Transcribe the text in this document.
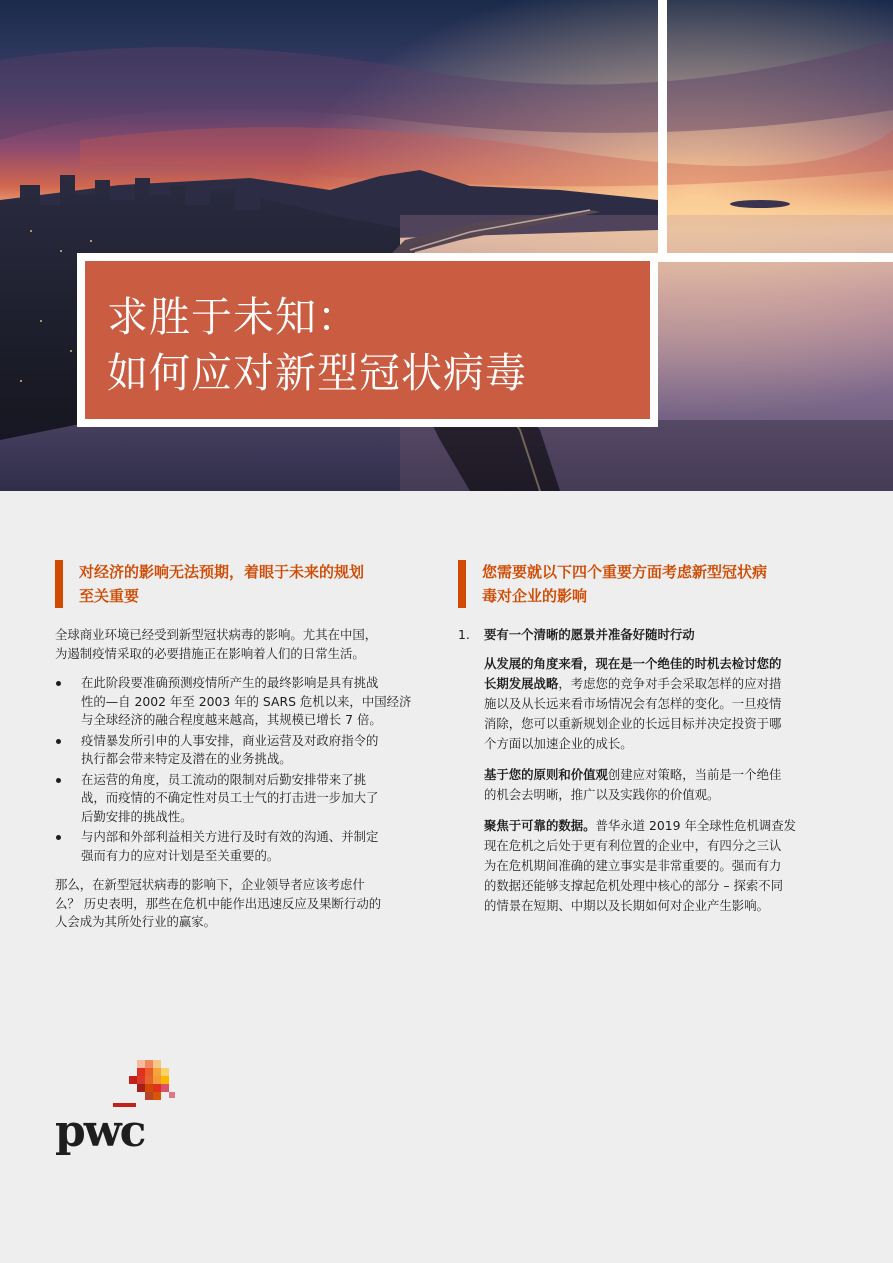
求胜于未知：
如何应对新型冠状病毒
对经济的影响无法预期，着眼于未来的规划
至关重要
全球商业环境已经受到新型冠状病毒的影响。尤其在中国，
为遏制疫情采取的必要措施正在影响着人们的日常生活。
在此阶段要准确预测疫情所产生的最终影响是具有挑战
性的—自 2002 年至 2003 年的 SARS 危机以来，中国经济
与全球经济的融合程度越来越高，其规模已增长 7 倍。
疫情暴发所引申的人事安排，商业运营及对政府指令的
执行都会带来特定及潜在的业务挑战。
在运营的角度，员工流动的限制对后勤安排带来了挑
战，而疫情的不确定性对员工士气的打击进一步加大了
后勤安排的挑战性。
与内部和外部利益相关方进行及时有效的沟通、并制定
强而有力的应对计划是至关重要的。
那么，在新型冠状病毒的影响下，企业领导者应该考虑什
么？ 历史表明，那些在危机中能作出迅速反应及果断行动的
人会成为其所处行业的赢家。
您需要就以下四个重要方面考虑新型冠状病
毒对企业的影响
1. 要有一个清晰的愿景并准备好随时行动
从发展的角度来看，现在是一个绝佳的时机去检讨您的
长期发展战略，考虑您的竞争对手会采取怎样的应对措
施以及从长远来看市场情况会有怎样的变化。一旦疫情
消除，您可以重新规划企业的长远目标并决定投资于哪
个方面以加速企业的成长。
基于您的原则和价值观创建应对策略，当前是一个绝佳
的机会去明晰，推广以及实践你的价值观。
聚焦于可靠的数据。普华永道 2019 年全球性危机调查发
现在危机之后处于更有利位置的企业中，有四分之三认
为在危机期间准确的建立事实是非常重要的。强而有力
的数据还能够支撑起危机处理中核心的部分 – 探索不同
的情景在短期、中期以及长期如何对企业产生影响。
pwc
